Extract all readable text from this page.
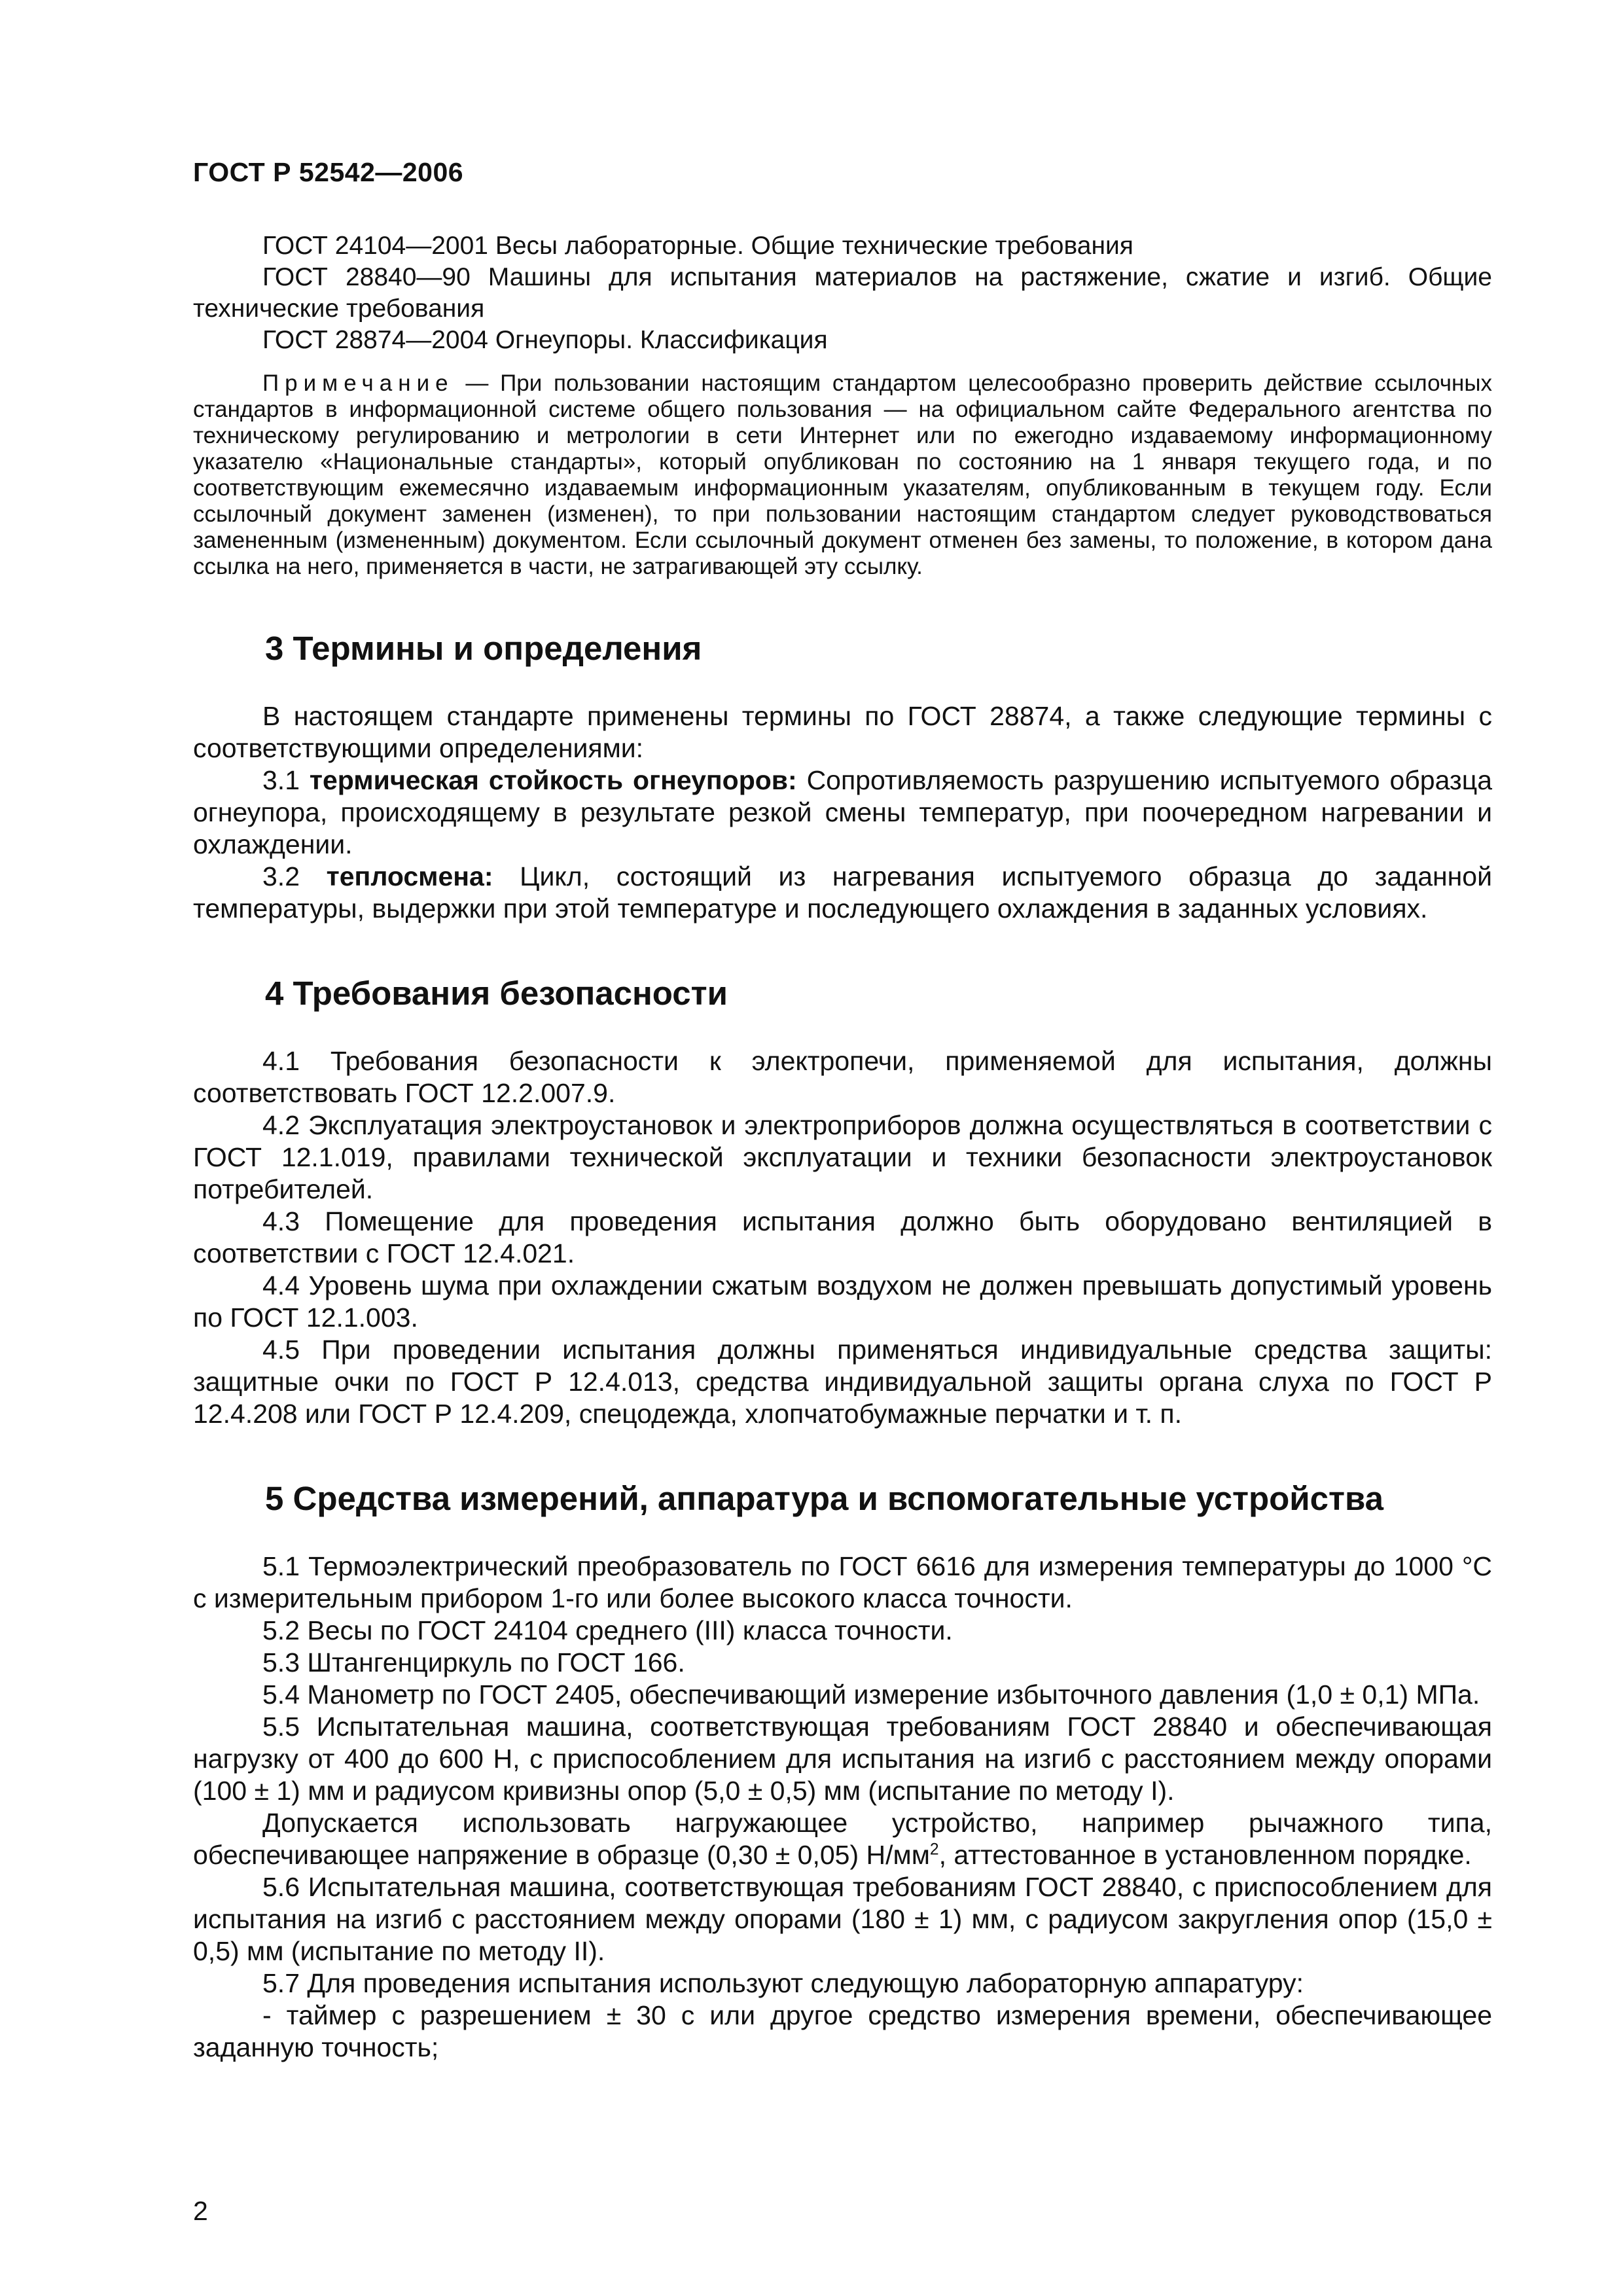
ГОСТ Р 52542—2006

ГОСТ 24104—2001 Весы лабораторные. Общие технические требования

ГОСТ 28840—90 Машины для испытания материалов на растяжение, сжатие и изгиб. Общие технические требования

ГОСТ 28874—2004 Огнеупоры. Классификация

Примечание — При пользовании настоящим стандартом целесообразно проверить действие ссылочных стандартов в информационной системе общего пользования — на официальном сайте Федерального агентства по техническому регулированию и метрологии в сети Интернет или по ежегодно издаваемому информационному указателю «Национальные стандарты», который опубликован по состоянию на 1 января текущего года, и по соответствующим ежемесячно издаваемым информационным указателям, опубликованным в текущем году. Если ссылочный документ заменен (изменен), то при пользовании настоящим стандартом следует руководствоваться замененным (измененным) документом. Если ссылочный документ отменен без замены, то положение, в котором дана ссылка на него, применяется в части, не затрагивающей эту ссылку.

3 Термины и определения

В настоящем стандарте применены термины по ГОСТ 28874, а также следующие термины с соответствующими определениями:

3.1 термическая стойкость огнеупоров: Сопротивляемость разрушению испытуемого образца огнеупора, происходящему в результате резкой смены температур, при поочередном нагревании и охлаждении.

3.2 теплосмена: Цикл, состоящий из нагревания испытуемого образца до заданной температуры, выдержки при этой температуре и последующего охлаждения в заданных условиях.

4 Требования безопасности

4.1 Требования безопасности к электропечи, применяемой для испытания, должны соответствовать ГОСТ 12.2.007.9.

4.2 Эксплуатация электроустановок и электроприборов должна осуществляться в соответствии с ГОСТ 12.1.019, правилами технической эксплуатации и техники безопасности электроустановок потребителей.

4.3 Помещение для проведения испытания должно быть оборудовано вентиляцией в соответствии с ГОСТ 12.4.021.

4.4 Уровень шума при охлаждении сжатым воздухом не должен превышать допустимый уровень по ГОСТ 12.1.003.

4.5 При проведении испытания должны применяться индивидуальные средства защиты: защитные очки по ГОСТ Р 12.4.013, средства индивидуальной защиты органа слуха по ГОСТ Р 12.4.208 или ГОСТ Р 12.4.209, спецодежда, хлопчатобумажные перчатки и т. п.

5 Средства измерений, аппаратура и вспомогательные устройства

5.1 Термоэлектрический преобразователь по ГОСТ 6616 для измерения температуры до 1000 °С с измерительным прибором 1-го или более высокого класса точности.

5.2 Весы по ГОСТ 24104 среднего (III) класса точности.

5.3 Штангенциркуль по ГОСТ 166.

5.4 Манометр по ГОСТ 2405, обеспечивающий измерение избыточного давления (1,0 ± 0,1) МПа.

5.5 Испытательная машина, соответствующая требованиям ГОСТ 28840 и обеспечивающая нагрузку от 400 до 600 Н, с приспособлением для испытания на изгиб с расстоянием между опорами (100 ± 1) мм и радиусом кривизны опор (5,0 ± 0,5) мм (испытание по методу I).

Допускается использовать нагружающее устройство, например рычажного типа, обеспечивающее напряжение в образце (0,30 ± 0,05) $Н/мм^2$, аттестованное в установленном порядке.

5.6 Испытательная машина, соответствующая требованиям ГОСТ 28840, с приспособлением для испытания на изгиб с расстоянием между опорами (180 ± 1) мм, с радиусом закругления опор (15,0 ± 0,5) мм (испытание по методу II).

5.7 Для проведения испытания используют следующую лабораторную аппаратуру:

- таймер с разрешением ± 30 с или другое средство измерения времени, обеспечивающее заданную точность;

2
